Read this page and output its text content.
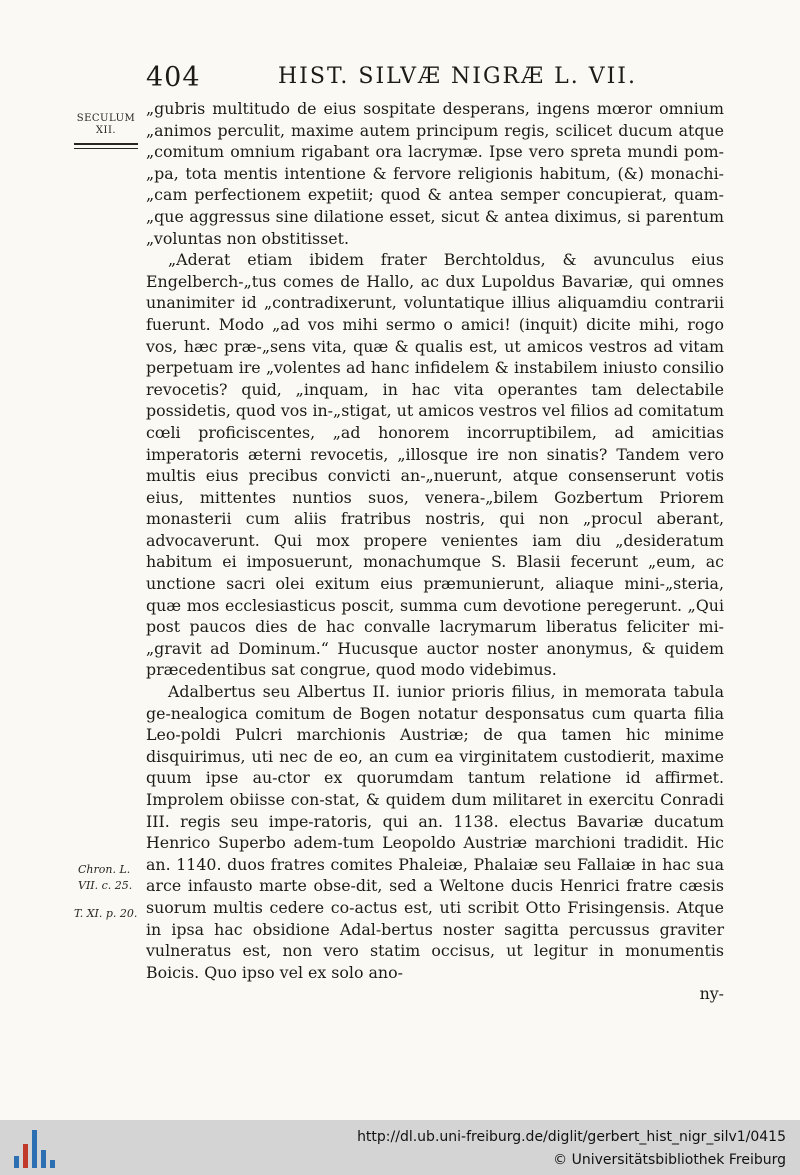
404	HIST. SILVÆ NIGRÆ L. VII.
SECULUM
XII.
Chron. L.
VII. c. 25.
T. XI. p. 20.

„gubris multitudo de eius sospitate desperans, ingens mœror omnium „animos perculit, maxime autem principum regis, scilicet ducum atque „comitum omnium rigabant ora lacrymæ. Ipse vero spreta mundi pom-„pa, tota mentis intentione & fervore religionis habitum, (&) monachi-„cam perfectionem expetiit; quod & antea semper concupierat, quam-„que aggressus sine dilatione esset, sicut & antea diximus, si parentum „voluntas non obstitisset.

„Aderat etiam ibidem frater Berchtoldus, & avunculus eius Engelberch-„tus comes de Hallo, ac dux Lupoldus Bavariæ, qui omnes unanimiter id „contradixerunt, voluntatique illius aliquamdiu contrarii fuerunt. Modo „ad vos mihi sermo o amici! (inquit) dicite mihi, rogo vos, hæc præ-„sens vita, quæ & qualis est, ut amicos vestros ad vitam perpetuam ire „volentes ad hanc infidelem & instabilem iniusto consilio revocetis? quid, „inquam, in hac vita operantes tam delectabile possidetis, quod vos in-„stigat, ut amicos vestros vel filios ad comitatum cœli proficiscentes, „ad honorem incorruptibilem, ad amicitias imperatoris æterni revocetis, „illosque ire non sinatis? Tandem vero multis eius precibus convicti an-„nuerunt, atque consenserunt votis eius, mittentes nuntios suos, venera-„bilem Gozbertum Priorem monasterii cum aliis fratribus nostris, qui non „procul aberant, advocaverunt. Qui mox propere venientes iam diu „desideratum habitum ei imposuerunt, monachumque S. Blasii fecerunt „eum, ac unctione sacri olei exitum eius præmunierunt, aliaque mini-„steria, quæ mos ecclesiasticus poscit, summa cum devotione peregerunt. „Qui post paucos dies de hac convalle lacrymarum liberatus feliciter mi-„gravit ad Dominum.“ Hucusque auctor noster anonymus, & quidem præcedentibus sat congrue, quod modo videbimus.

Adalbertus seu Albertus II. iunior prioris filius, in memorata tabula ge-nealogica comitum de Bogen notatur desponsatus cum quarta filia Leo-poldi Pulcri marchionis Austriæ; de qua tamen hic minime disquirimus, uti nec de eo, an cum ea virginitatem custodierit, maxime quum ipse au-ctor ex quorumdam tantum relatione id affirmet. Improlem obiisse con-stat, & quidem dum militaret in exercitu Conradi III. regis seu impe-ratoris, qui an. 1138. electus Bavariæ ducatum Henrico Superbo adem-tum Leopoldo Austriæ marchioni tradidit. Hic an. 1140. duos fratres comites Phaleiæ, Phalaiæ seu Fallaiæ in hac sua arce infausto marte obse-dit, sed a Weltone ducis Henrici fratre cæsis suorum multis cedere co-actus est, uti scribit Otto Frisingensis. Atque in ipsa hac obsidione Adal-bertus noster sagitta percussus graviter vulneratus est, non vero statim occisus, ut legitur in monumentis Boicis. Quo ipso vel ex solo ano-

ny-

http://dl.ub.uni-freiburg.de/diglit/gerbert_hist_nigr_silv1/0415
© Universitätsbibliothek Freiburg
